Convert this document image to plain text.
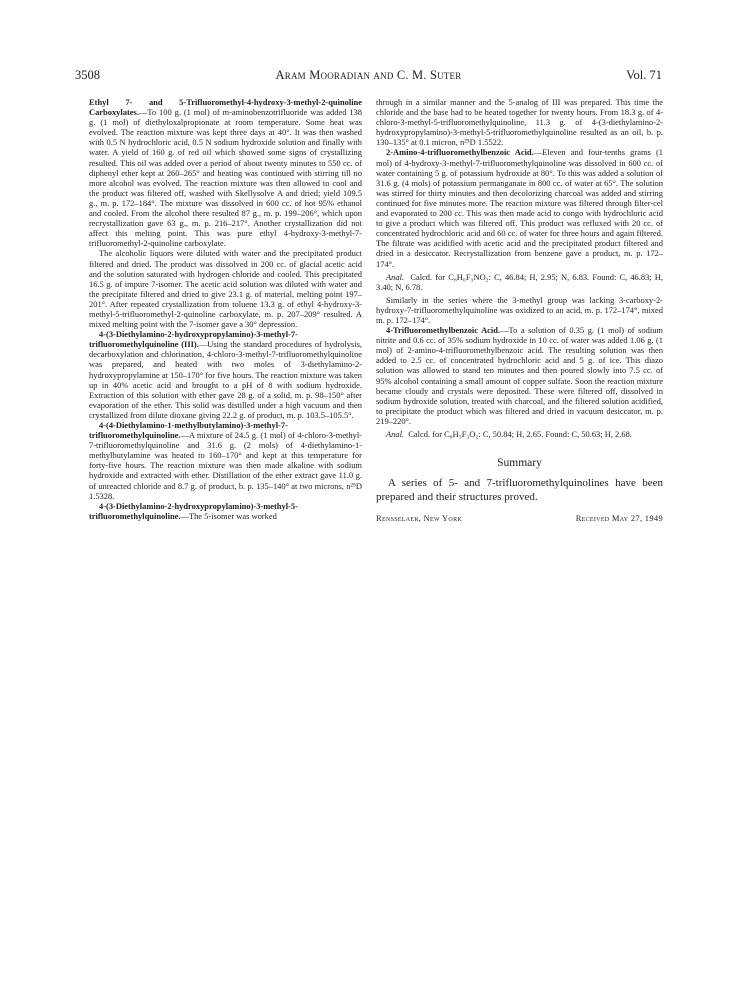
3508	Aram Mooradian and C. M. Suter	Vol. 71

Ethyl 7- and 5-Trifluoromethyl-4-hydroxy-3-methyl-2-quinoline Carboxylates.—To 100 g. (1 mol) of m-aminobenzotrifluoride was added 138 g. (1 mol) of diethyloxalpropionate at room temperature. Some heat was evolved. The reaction mixture was kept three days at 40°. It was then washed with 0.5 N hydrochloric acid, 0.5 N sodium hydroxide solution and finally with water. A yield of 160 g. of red oil which showed some signs of crystallizing resulted. This oil was added over a period of about twenty minutes to 550 cc. of diphenyl ether kept at 260–265° and heating was continued with stirring till no more alcohol was evolved. The reaction mixture was then allowed to cool and the product was filtered off, washed with Skellysolve A and dried; yield 109.5 g., m. p. 172–184°. The mixture was dissolved in 600 cc. of hot 95% ethanol and cooled. From the alcohol there resulted 87 g., m. p. 199–206°, which upon recrystallization gave 63 g., m. p. 216–217°. Another crystallization did not affect this melting point. This was pure ethyl 4-hydroxy-3-methyl-7-trifluoromethyl-2-quinoline carboxylate.

The alcoholic liquors were diluted with water and the precipitated product filtered and dried. The product was dissolved in 200 cc. of glacial acetic acid and the solution saturated with hydrogen chloride and cooled. This precipitated 16.5 g. of impure 7-isomer. The acetic acid solution was diluted with water and the precipitate filtered and dried to give 23.1 g. of material, melting point 197–201°. After repeated crystallization from toluene 13.3 g. of ethyl 4-hydroxy-3-methyl-5-trifluoromethyl-2-quinoline carboxylate, m. p. 207–209° resulted. A mixed melting point with the 7-isomer gave a 30° depression.

4-(3-Diethylamino-2-hydroxypropylamino)-3-methyl-7-trifluoromethylquinoline (III).—Using the standard procedures of hydrolysis, decarboxylation and chlorination, 4-chloro-3-methyl-7-trifluoromethylquinoline was prepared, and heated with two moles of 3-diethylamino-2-hydroxypropylamine at 150–170° for five hours. The reaction mixture was taken up in 40% acetic acid and brought to a pH of 8 with sodium hydroxide. Extraction of this solution with ether gave 28 g. of a solid, m. p. 98–150° after evaporation of the ether. This solid was distilled under a high vacuum and then crystallized from dilute dioxane giving 22.2 g. of product, m. p. 103.5–105.5°.

4-(4-Diethylamino-1-methylbutylamino)-3-methyl-7-trifluoromethylquinoline.—A mixture of 24.5 g. (1 mol) of 4-chloro-3-methyl-7-trifluoromethylquinoline and 31.6 g. (2 mols) of 4-diethylamino-1-methylbutylamine was heated to 160–170° and kept at this temperature for forty-five hours. The reaction mixture was then made alkaline with sodium hydroxide and extracted with ether. Distillation of the ether extract gave 11.0 g. of unreacted chloride and 8.7 g. of product, b. p. 135–140° at two microns, n²⁵D 1.5328.

4-(3-Diethylamino-2-hydroxypropylamino)-3-methyl-5-trifluoromethylquinoline.—The 5-isomer was worked

through in a similar manner and the 5-analog of III was prepared. This time the chloride and the base had to be heated together for twenty hours. From 18.3 g. of 4-chloro-3-methyl-5-trifluoromethylquinoline, 11.3 g. of 4-(3-diethylamino-2-hydroxypropylamino)-3-methyl-5-trifluoromethylquinoline resulted as an oil, b. p. 130–135° at 0.1 micron, n²⁵D 1.5522.

2-Amino-4-trifluoromethylbenzoic Acid.—Eleven and four-tenths grams (1 mol) of 4-hydroxy-3-methyl-7-trifluoromethylquinoline was dissolved in 600 cc. of water containing 5 g. of potassium hydroxide at 80°. To this was added a solution of 31.6 g. (4 mols) of potassium permanganate in 800 cc. of water at 65°. The solution was stirred for thirty minutes and then decolorizing charcoal was added and stirring continued for five minutes more. The reaction mixture was filtered through filter-cel and evaporated to 200 cc. This was then made acid to congo with hydrochloric acid to give a product which was filtered off. This product was refluxed with 20 cc. of concentrated hydrochloric acid and 60 cc. of water for three hours and again filtered. The filtrate was acidified with acetic acid and the precipitated product filtered and dried in a desiccator. Recrystallization from benzene gave a product, m. p. 172–174°.

Anal. Calcd. for C₈H₆F₃NO₂: C, 46.84; H, 2.95; N, 6.83. Found: C, 46.83; H, 3.40; N, 6.78.

Similarly in the series where the 3-methyl group was lacking 3-carboxy-2-hydroxy-7-trifluoromethylquinoline was oxidized to an acid, m. p. 172–174°, mixed m. p. 172–174°.

4-Trifluoromethylbenzoic Acid.—To a solution of 0.35 g. (1 mol) of sodium nitrite and 0.6 cc. of 35% sodium hydroxide in 10 cc. of water was added 1.06 g. (1 mol) of 2-amino-4-trifluoromethylbenzoic acid. The resulting solution was then added to 2.5 cc. of concentrated hydrochloric acid and 5 g. of ice. This diazo solution was allowed to stand ten minutes and then poured slowly into 7.5 cc. of 95% alcohol containing a small amount of copper sulfate. Soon the reaction mixture became cloudy and crystals were deposited. These were filtered off, dissolved in sodium hydroxide solution, treated with charcoal, and the filtered solution acidified, to precipitate the product which was filtered and dried in vacuum desiccator, m. p. 219–220°.

Anal. Calcd. for C₈H₅F₃O₂: C, 50.84; H, 2.65. Found: C, 50.63; H, 2.68.

Summary

A series of 5- and 7-trifluoromethylquinolines have been prepared and their structures proved.

Rensselaer, New York	Received May 27, 1949
